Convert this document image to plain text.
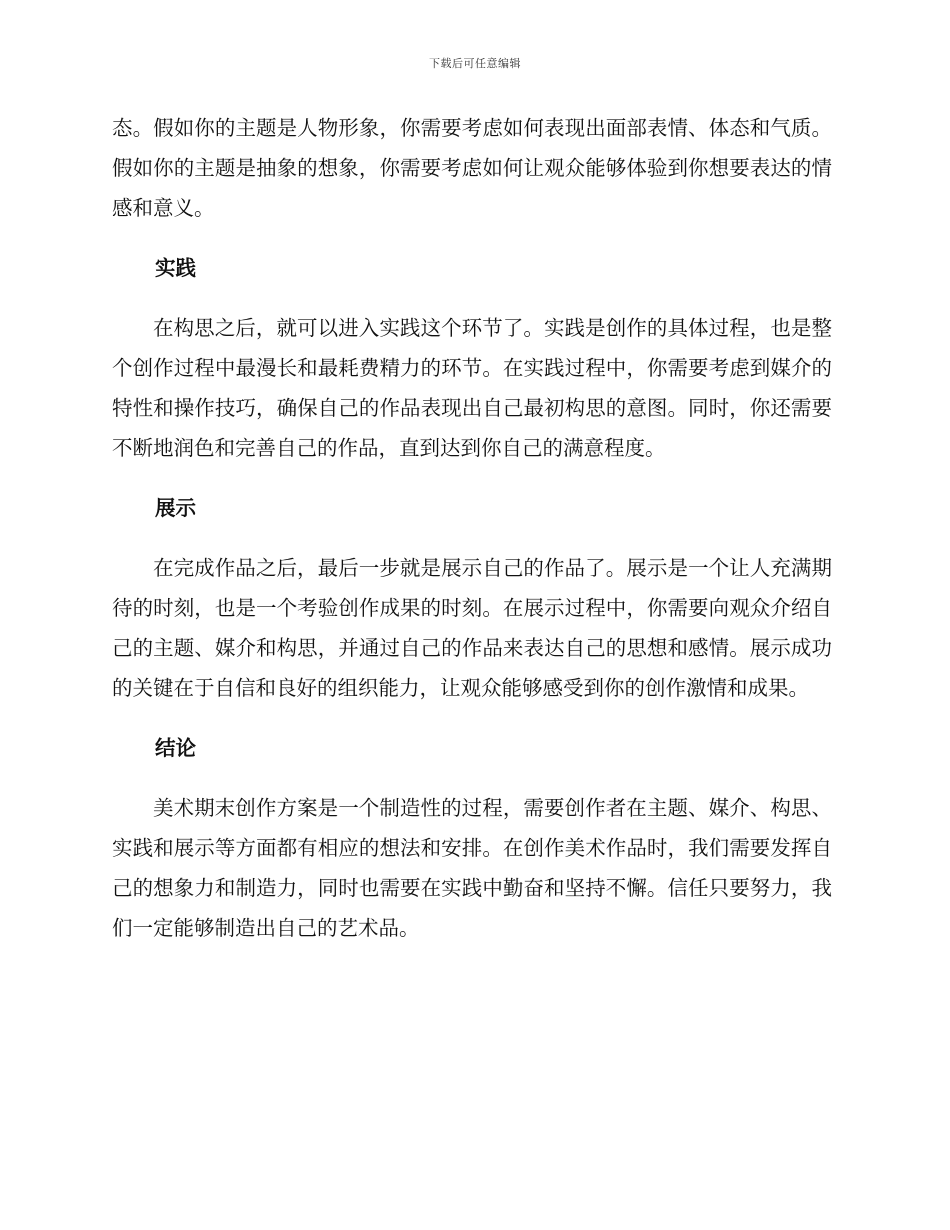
下载后可任意编辑

态。假如你的主题是人物形象，你需要考虑如何表现出面部表情、体态和气质。假如你的主题是抽象的想象，你需要考虑如何让观众能够体验到你想要表达的情感和意义。

实践

在构思之后，就可以进入实践这个环节了。实践是创作的具体过程，也是整个创作过程中最漫长和最耗费精力的环节。在实践过程中，你需要考虑到媒介的特性和操作技巧，确保自己的作品表现出自己最初构思的意图。同时，你还需要不断地润色和完善自己的作品，直到达到你自己的满意程度。

展示

在完成作品之后，最后一步就是展示自己的作品了。展示是一个让人充满期待的时刻，也是一个考验创作成果的时刻。在展示过程中，你需要向观众介绍自己的主题、媒介和构思，并通过自己的作品来表达自己的思想和感情。展示成功的关键在于自信和良好的组织能力，让观众能够感受到你的创作激情和成果。

结论

美术期末创作方案是一个制造性的过程，需要创作者在主题、媒介、构思、实践和展示等方面都有相应的想法和安排。在创作美术作品时，我们需要发挥自己的想象力和制造力，同时也需要在实践中勤奋和坚持不懈。信任只要努力，我们一定能够制造出自己的艺术品。
